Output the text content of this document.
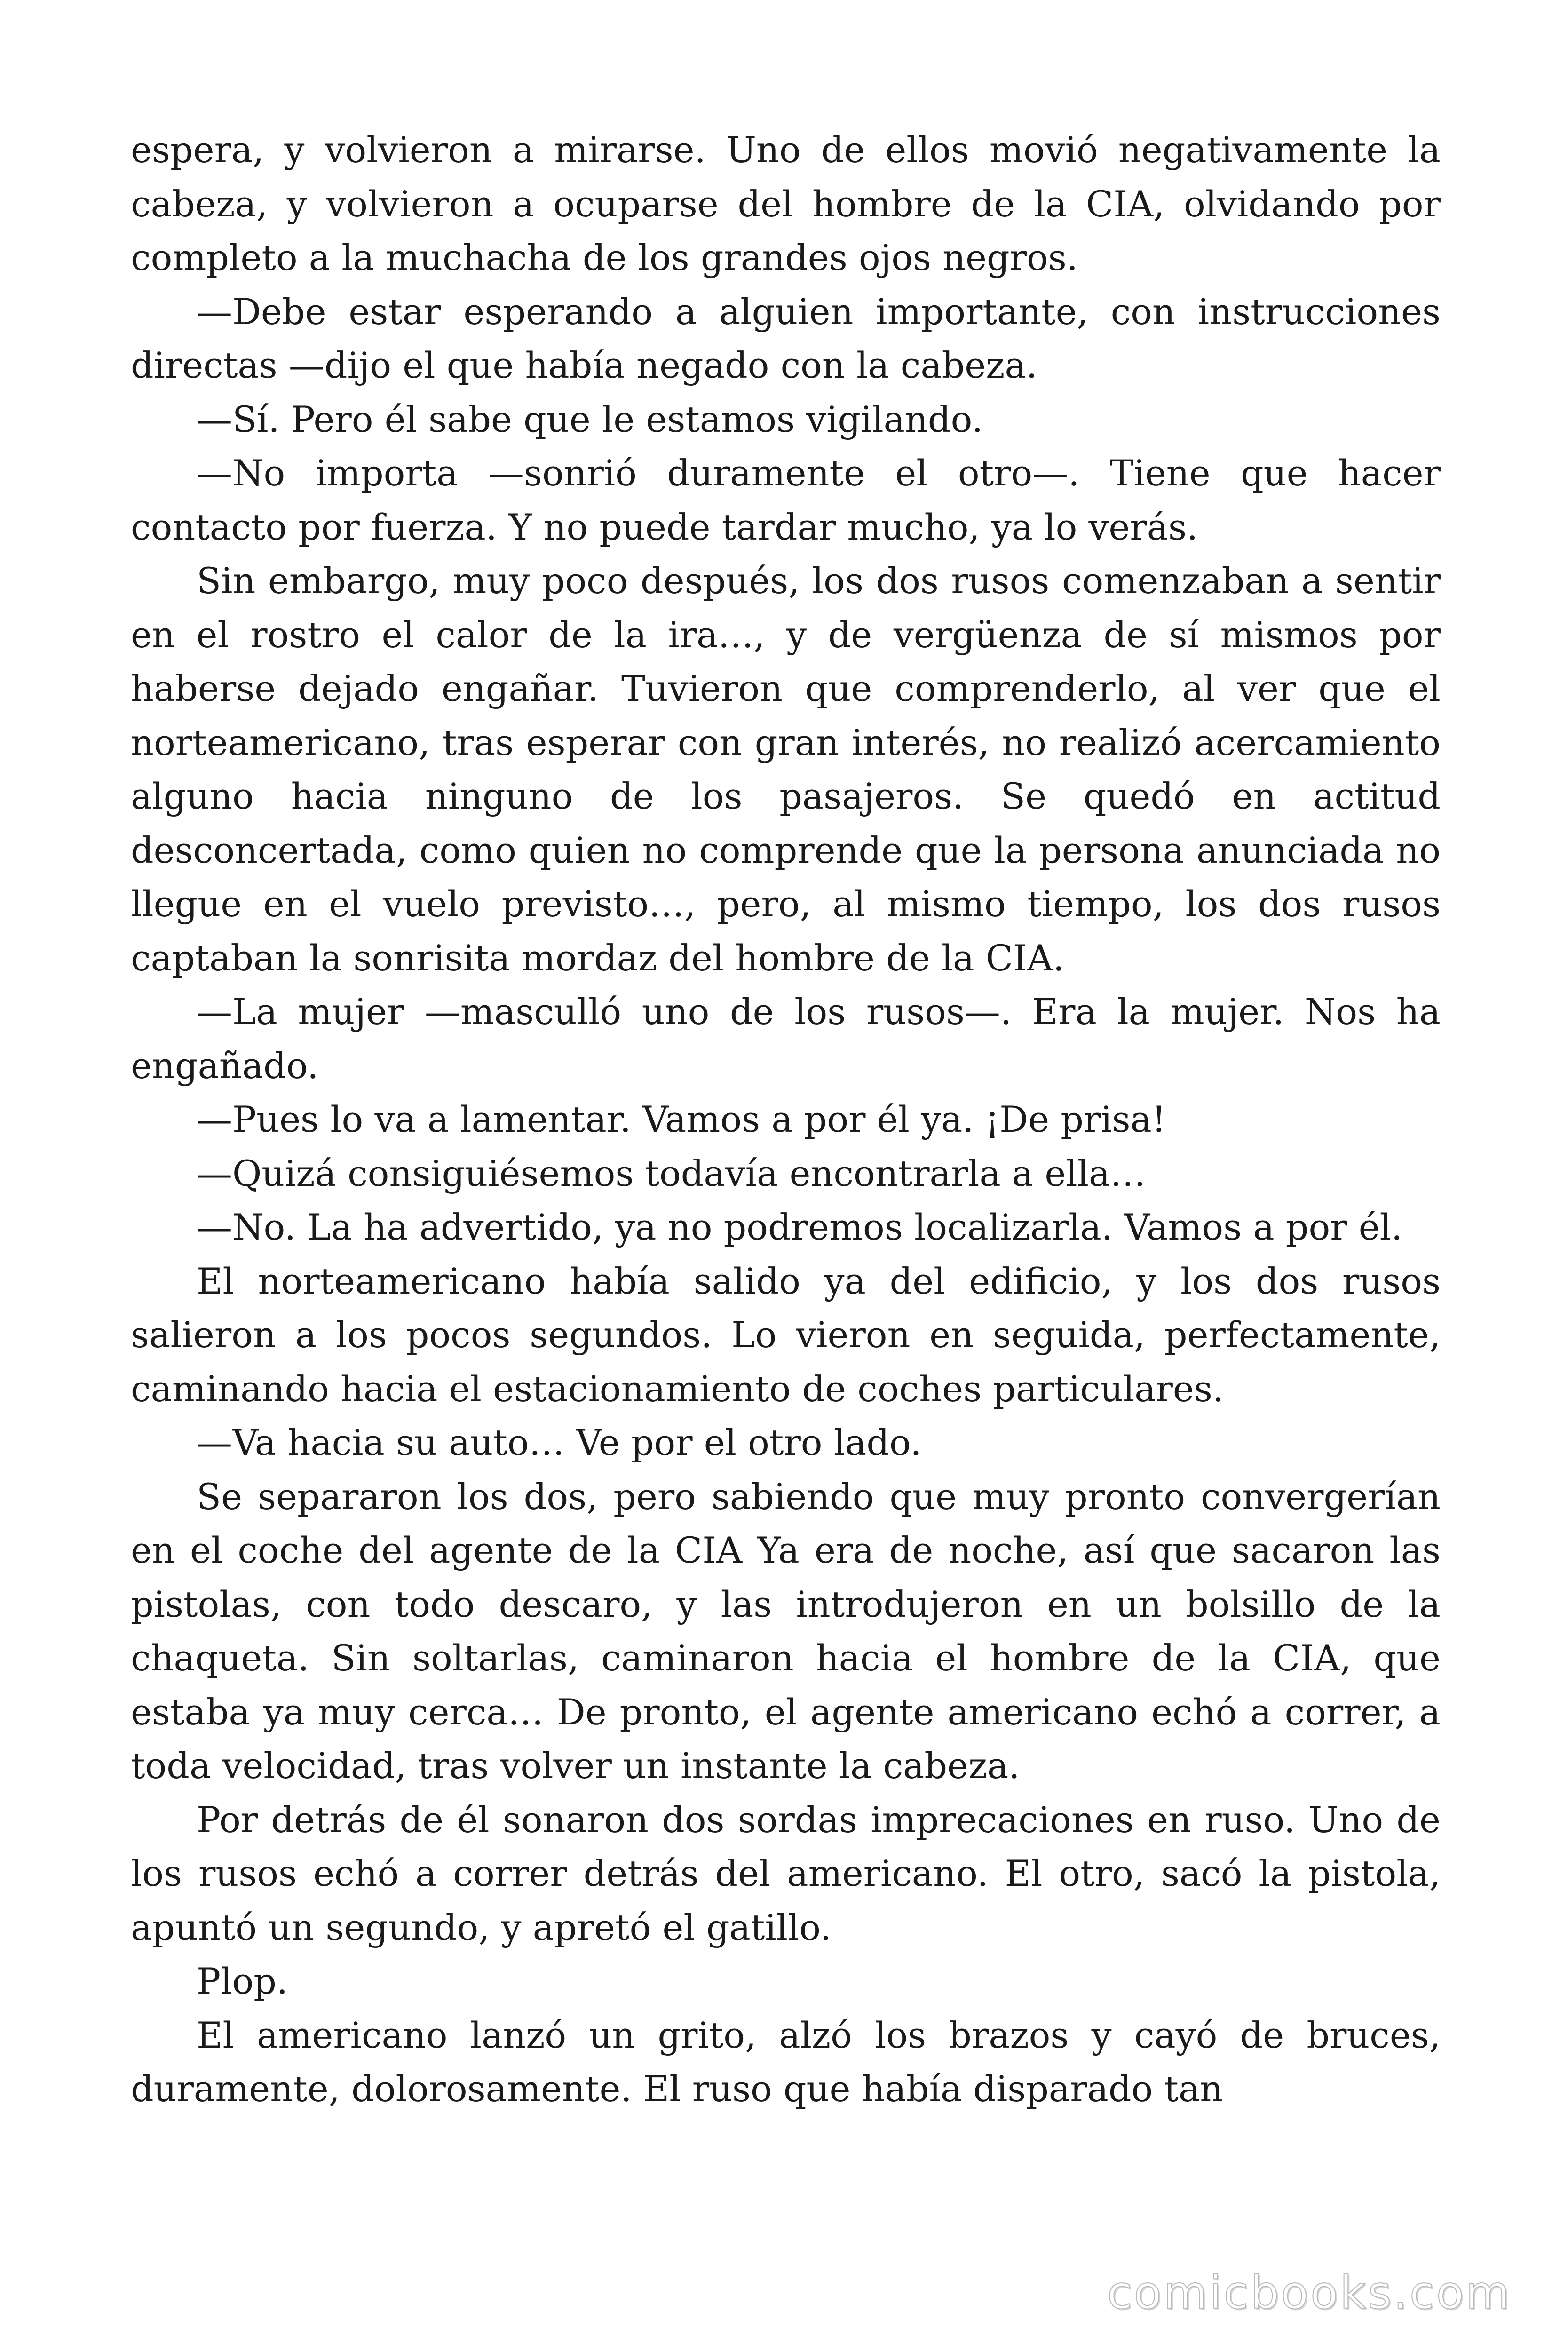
espera, y volvieron a mirarse. Uno de ellos movió negativamente la cabeza, y volvieron a ocuparse del hombre de la CIA, olvidando por completo a la muchacha de los grandes ojos negros.

—Debe estar esperando a alguien importante, con instrucciones directas —dijo el que había negado con la cabeza.

—Sí. Pero él sabe que le estamos vigilando.

—No importa —sonrió duramente el otro—. Tiene que hacer contacto por fuerza. Y no puede tardar mucho, ya lo verás.

Sin embargo, muy poco después, los dos rusos comenzaban a sentir en el rostro el calor de la ira…, y de vergüenza de sí mismos por haberse dejado engañar. Tuvieron que comprenderlo, al ver que el norteamericano, tras esperar con gran interés, no realizó acercamiento alguno hacia ninguno de los pasajeros. Se quedó en actitud desconcertada, como quien no comprende que la persona anunciada no llegue en el vuelo previsto…, pero, al mismo tiempo, los dos rusos captaban la sonrisita mordaz del hombre de la CIA.

—La mujer —masculló uno de los rusos—. Era la mujer. Nos ha engañado.

—Pues lo va a lamentar. Vamos a por él ya. ¡De prisa!

—Quizá consiguiésemos todavía encontrarla a ella…

—No. La ha advertido, ya no podremos localizarla. Vamos a por él.

El norteamericano había salido ya del edificio, y los dos rusos salieron a los pocos segundos. Lo vieron en seguida, perfectamente, caminando hacia el estacionamiento de coches particulares.

—Va hacia su auto… Ve por el otro lado.

Se separaron los dos, pero sabiendo que muy pronto convergerían en el coche del agente de la CIA Ya era de noche, así que sacaron las pistolas, con todo descaro, y las introdujeron en un bolsillo de la chaqueta. Sin soltarlas, caminaron hacia el hombre de la CIA, que estaba ya muy cerca… De pronto, el agente americano echó a correr, a toda velocidad, tras volver un instante la cabeza.

Por detrás de él sonaron dos sordas imprecaciones en ruso. Uno de los rusos echó a correr detrás del americano. El otro, sacó la pistola, apuntó un segundo, y apretó el gatillo.

Plop.

El americano lanzó un grito, alzó los brazos y cayó de bruces, duramente, dolorosamente. El ruso que había disparado tan

comicbooks.com
